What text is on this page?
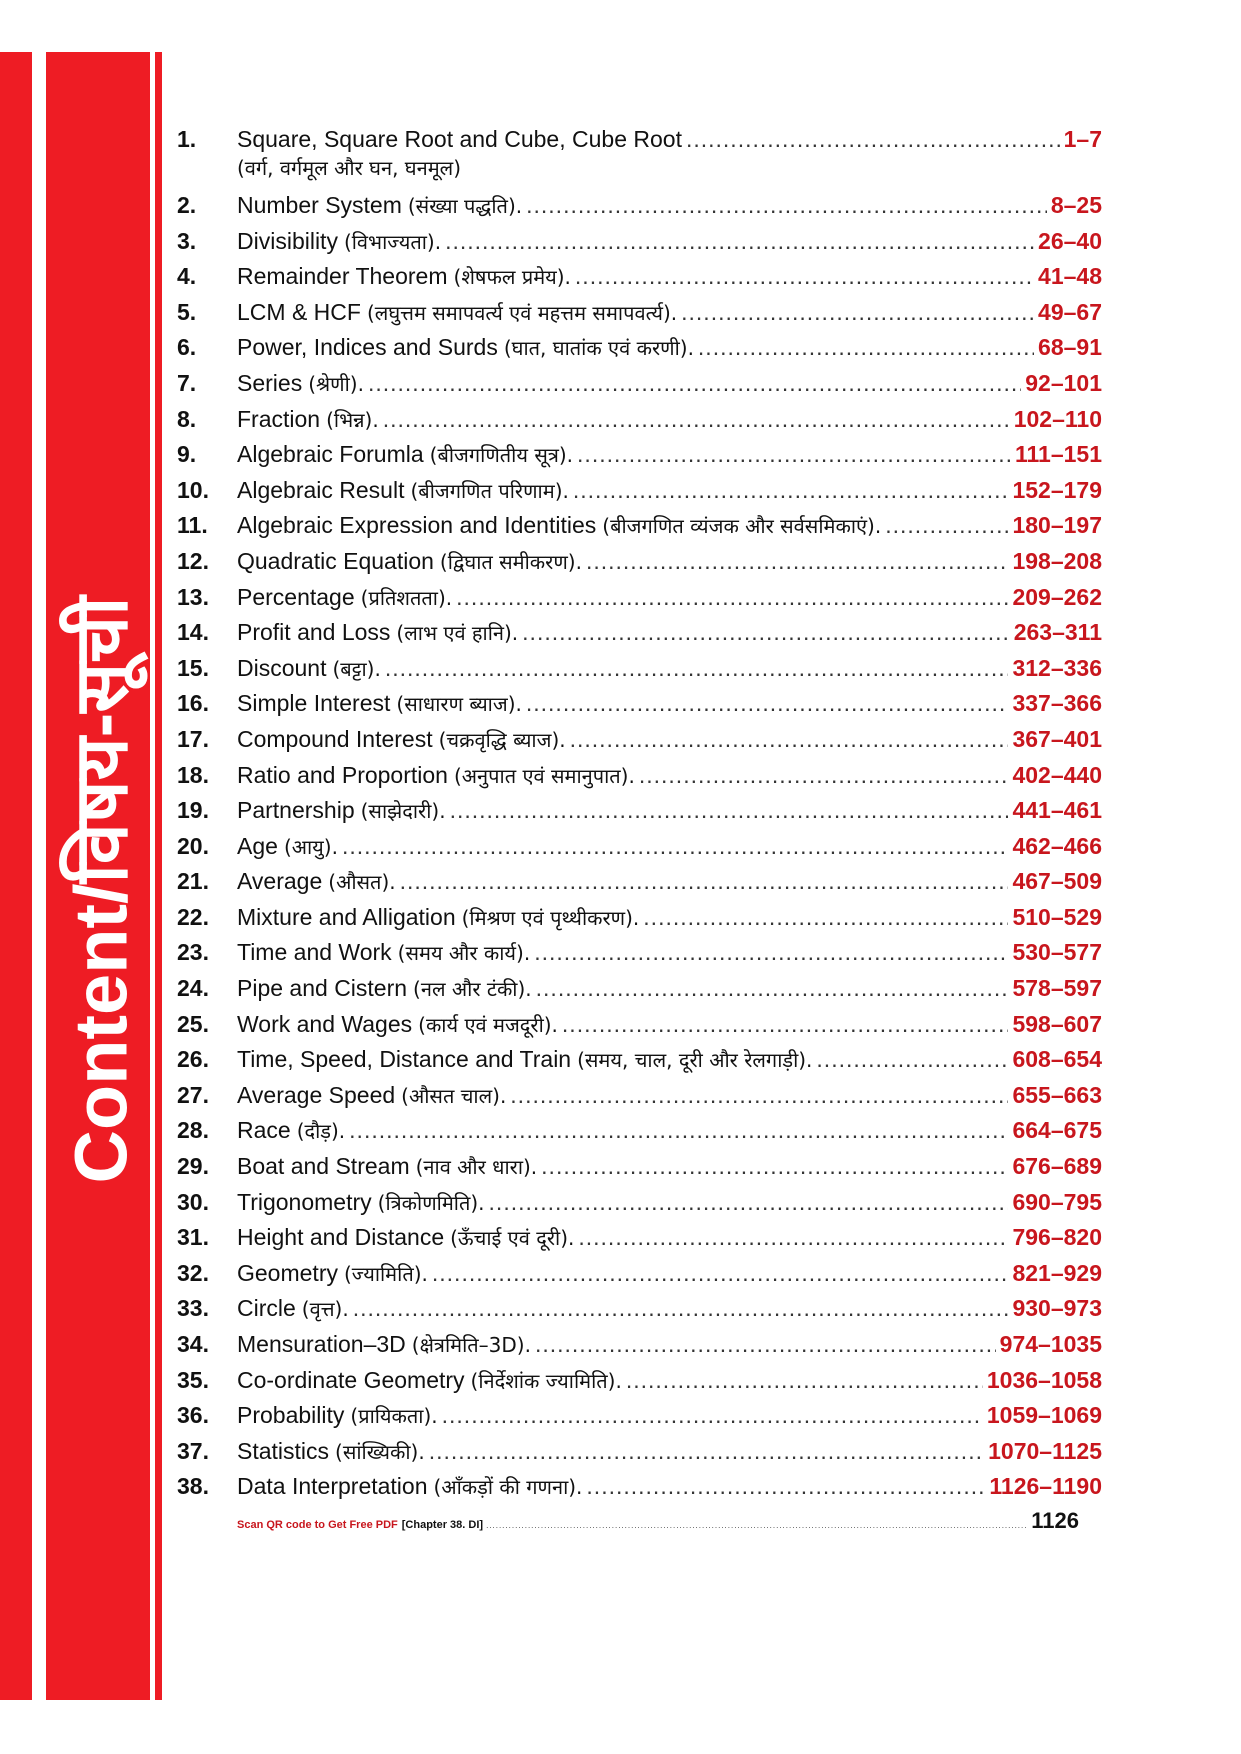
Content/विषय-सूची
1.	Square, Square Root and Cube, Cube Root .....	1–7
(वर्ग, वर्गमूल और घन, घनमूल)
2.	Number System (संख्या पद्धति). .....	8–25
3.	Divisibility (विभाज्यता). .....	26–40
4.	Remainder Theorem (शेषफल प्रमेय). .....	41–48
5.	LCM & HCF (लघुत्तम समापवर्त्य एवं महत्तम समापवर्त्य). .....	49–67
6.	Power, Indices and Surds (घात, घातांक एवं करणी). .....	68–91
7.	Series (श्रेणी). .....	92–101
8.	Fraction (भिन्न). .....	102–110
9.	Algebraic Forumla (बीजगणितीय सूत्र). .....	111–151
10.	Algebraic Result (बीजगणित परिणाम). .....	152–179
11.	Algebraic Expression and Identities (बीजगणित व्यंजक और सर्वसमिकाएं). .....	180–197
12.	Quadratic Equation (द्विघात समीकरण). .....	198–208
13.	Percentage (प्रतिशतता). .....	209–262
14.	Profit and Loss (लाभ एवं हानि). .....	263–311
15.	Discount (बट्टा). .....	312–336
16.	Simple Interest (साधारण ब्याज). .....	337–366
17.	Compound Interest (चक्रवृद्धि ब्याज). .....	367–401
18.	Ratio and Proportion (अनुपात एवं समानुपात). .....	402–440
19.	Partnership (साझेदारी). .....	441–461
20.	Age (आयु). .....	462–466
21.	Average (औसत). .....	467–509
22.	Mixture and Alligation (मिश्रण एवं पृथ्थीकरण). .....	510–529
23.	Time and Work (समय और कार्य). .....	530–577
24.	Pipe and Cistern (नल और टंकी). .....	578–597
25.	Work and Wages (कार्य एवं मजदूरी). .....	598–607
26.	Time, Speed, Distance and Train (समय, चाल, दूरी और रेलगाड़ी). .....	608–654
27.	Average Speed (औसत चाल). .....	655–663
28.	Race (दौड़). .....	664–675
29.	Boat and Stream (नाव और धारा). .....	676–689
30.	Trigonometry (त्रिकोणमिति). .....	690–795
31.	Height and Distance (ऊँचाई एवं दूरी). .....	796–820
32.	Geometry (ज्यामिति). .....	821–929
33.	Circle (वृत्त). .....	930–973
34.	Mensuration–3D (क्षेत्रमिति–3D). .....	974–1035
35.	Co-ordinate Geometry (निर्देशांक ज्यामिति). .....	1036–1058
36.	Probability (प्रायिकता). .....	1059–1069
37.	Statistics (सांख्यिकी). .....	1070–1125
38.	Data Interpretation (आँकड़ों की गणना). .....	1126–1190
Scan QR code to Get Free PDF [Chapter 38. DI] .....	1126
